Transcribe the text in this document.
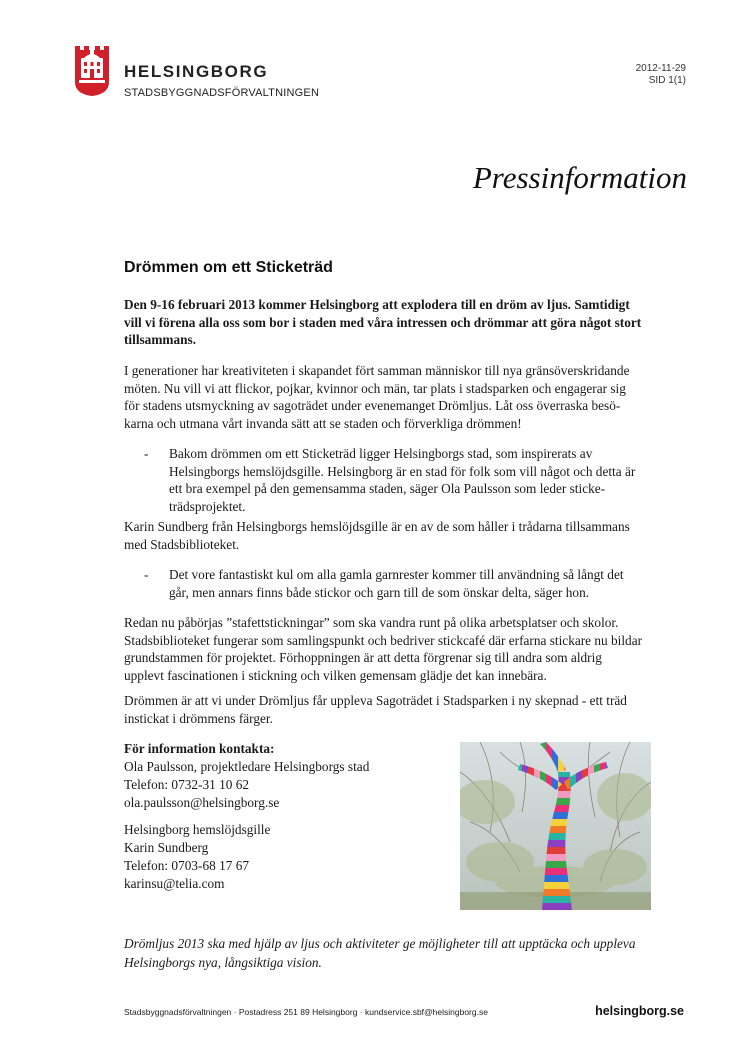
HELSINGBORG
STADSBYGGNADSFÖRVALTNINGEN
2012-11-29
SID 1(1)
Pressinformation
Drömmen om ett Sticketräd

Den 9-16 februari 2013 kommer Helsingborg att explodera till en dröm av ljus. Samtidigt vill vi förena alla oss som bor i staden med våra intressen och drömmar att göra något stort tillsammans.

I generationer har kreativiteten i skapandet fört samman människor till nya gränsöverskridande möten. Nu vill vi att flickor, pojkar, kvinnor och män, tar plats i stadsparken och engagerar sig för stadens utsmyckning av sagoträdet under evenemanget Drömljus. Låt oss överraska besökarna och utmana vårt invanda sätt att se staden och förverkliga drömmen!

- Bakom drömmen om ett Sticketräd ligger Helsingborgs stad, som inspirerats av Helsingborgs hemslöjdsgille. Helsingborg är en stad för folk som vill något och detta är ett bra exempel på den gemensamma staden, säger Ola Paulsson som leder sticketrädsprojektet.

Karin Sundberg från Helsingborgs hemslöjdsgille är en av de som håller i trådarna tillsammans med Stadsbiblioteket.

- Det vore fantastiskt kul om alla gamla garnrester kommer till användning så långt det går, men annars finns både stickor och garn till de som önskar delta, säger hon.

Redan nu påbörjas ”stafettstickningar” som ska vandra runt på olika arbetsplatser och skolor. Stadsbiblioteket fungerar som samlingspunkt och bedriver stickcafé där erfarna stickare nu bildar grundstammen för projektet. Förhoppningen är att detta förgrenar sig till andra som aldrig upplevt fascinationen i stickning och vilken gemensam glädje det kan innebära.

Drömmen är att vi under Drömljus får uppleva Sagoträdet i Stadsparken i ny skepnad - ett träd instickat i drömmens färger.

För information kontakta:
Ola Paulsson, projektledare Helsingborgs stad
Telefon: 0732-31 10 62
ola.paulsson@helsingborg.se
Helsingborg hemslöjdsgille
Karin Sundberg
Telefon: 0703-68 17 67
karinsu@telia.com
Drömljus 2013 ska med hjälp av ljus och aktiviteter ge möjligheter till att upptäcka och uppleva Helsingborgs nya, långsiktiga vision.
Stadsbyggnadsförvaltningen · Postadress 251 89 Helsingborg · kundservice.sbf@helsingborg.se	helsingborg.se
